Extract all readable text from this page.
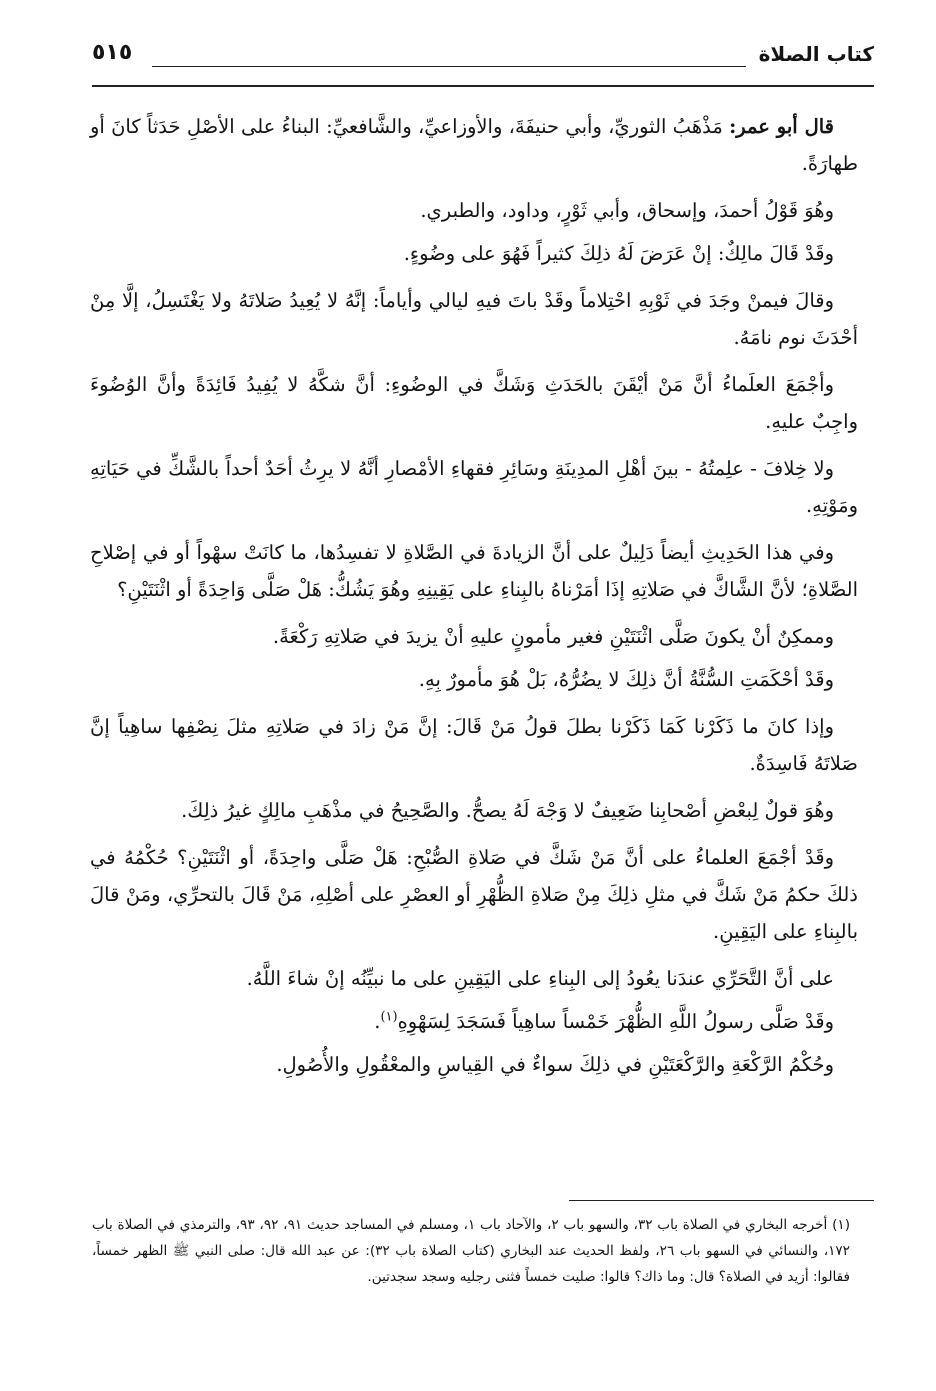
كتاب الصلاة
٥١٥

قال أبو عمر: مَذْهَبُ الثوريِّ، وأبي حنيفَةَ، والأوزاعيِّ، والشَّافعيِّ: البناءُ على الأصْلِ حَدَثاً كانَ أو طهارَةً.

وهُوَ قَوْلُ أحمدَ، وإسحاق، وأبي ثَوْرٍ، وداود، والطبري.

وقَدْ قَالَ مالِكٌ: إنْ عَرَضَ لَهُ ذلِكَ كثيراً فَهُوَ على وضُوءٍ.

وقالَ فيمنْ وجَدَ في ثَوْبِهِ احْتِلاماً وقَدْ باتَ فيهِ ليالي وأياماً: إنَّهُ لا يُعِيدُ صَلاتَهُ ولا يَغْتَسِلُ، إلَّا مِنْ أحْدَثَ نوم نامَهُ.

وأجْمَعَ العلَماءُ أنَّ مَنْ أيْقَنَ بالحَدَثِ وَشَكَّ في الوضُوءِ: أنَّ شكَّهُ لا يُفِيدُ فَائِدَةً وأنَّ الوُضُوءَ واجِبٌ عليهِ.

ولا خِلافَ - علِمتُهُ - بينَ أهْلِ المدِينَةِ وسَائِرِ فقهاءِ الأمْصارِ أنَّهُ لا يرِثُ أحَدٌ أحداً بالشَّكِّ في حَيَاتِهِ ومَوْتِهِ.

وفي هذا الحَدِيثِ أيضاً دَلِيلٌ على أنَّ الزيادةَ في الصَّلاةِ لا تفسِدُها، ما كانَتْ سهْواً أو في إصْلاحِ الصَّلاةِ؛ لأنَّ الشَّاكَّ في صَلاتِهِ إذَا أمَرْناهُ بالبِناءِ على يَقِينِهِ وهُوَ يَشُكُّ: هَلْ صَلَّى وَاحِدَةً أو اثْنَتَيْنِ؟

وممكِنٌ أنْ يكونَ صَلَّى اثْنَتَيْنِ فغير مأمونٍ عليهِ أنْ يزيدَ في صَلاتِهِ رَكْعَةً.

وقَدْ أحْكَمَتِ السُّنَّةُ أنَّ ذلِكَ لا يضُرُّهُ، بَلْ هُوَ مأمورٌ بِهِ.

وإذا كانَ ما ذَكَرْنا كَمَا ذَكَرْنا بطلَ قولُ مَنْ قَالَ: إنَّ مَنْ زادَ في صَلاتِهِ مثلَ نِصْفِها ساهِياً إنَّ صَلاتَهُ فَاسِدَةٌ.

وهُوَ قولٌ لِبعْضِ أصْحابِنا ضَعِيفٌ لا وَجْهَ لَهُ يصحُّ. والصَّحِيحُ في مذْهَبِ مالِكٍ غيرُ ذلِكَ.

وقَدْ أجْمَعَ العلماءُ على أنَّ مَنْ شَكَّ في صَلاةِ الصُّبْحِ: هَلْ صَلَّى واحِدَةً، أو اثْنَتَيْنِ؟ حُكْمُهُ في ذلكَ حكمُ مَنْ شَكَّ في مثلِ ذلِكَ مِنْ صَلاةِ الظُّهْرِ أو العصْرِ على أصْلِهِ، مَنْ قَالَ بالتحرِّي، ومَنْ قالَ بالبِناءِ على اليَقِينِ.

على أنَّ التَّحَرِّي عندَنا يعُودُ إلى البِناءِ على اليَقِينِ على ما نبيِّنُه إنْ شاءَ اللَّهُ.

وقَدْ صَلَّى رسولُ اللَّهِ الظُّهْرَ خَمْساً ساهِياً فَسَجَدَ لِسَهْوِهِ$^{(١)}$.

وحُكْمُ الرَّكْعَةِ والرَّكْعَتَيْنِ في ذلِكَ سواءٌ في القِياسِ والمعْقُولِ والأُصُولِ.

(١) أخرجه البخاري في الصلاة باب ٣٢، والسهو باب ٢، والآحاد باب ١، ومسلم في المساجد حديث ٩١، ٩٢، ٩٣، والترمذي في الصلاة باب ١٧٢، والنسائي في السهو باب ٢٦، ولفظ الحديث عند البخاري (كتاب الصلاة باب ٣٢): عن عبد الله قال: صلى النبي ﷺ الظهر خمساً، فقالوا: أزيد في الصلاة؟ قال: وما ذاك؟ قالوا: صليت خمساً فثنى رجليه وسجد سجدتين.
